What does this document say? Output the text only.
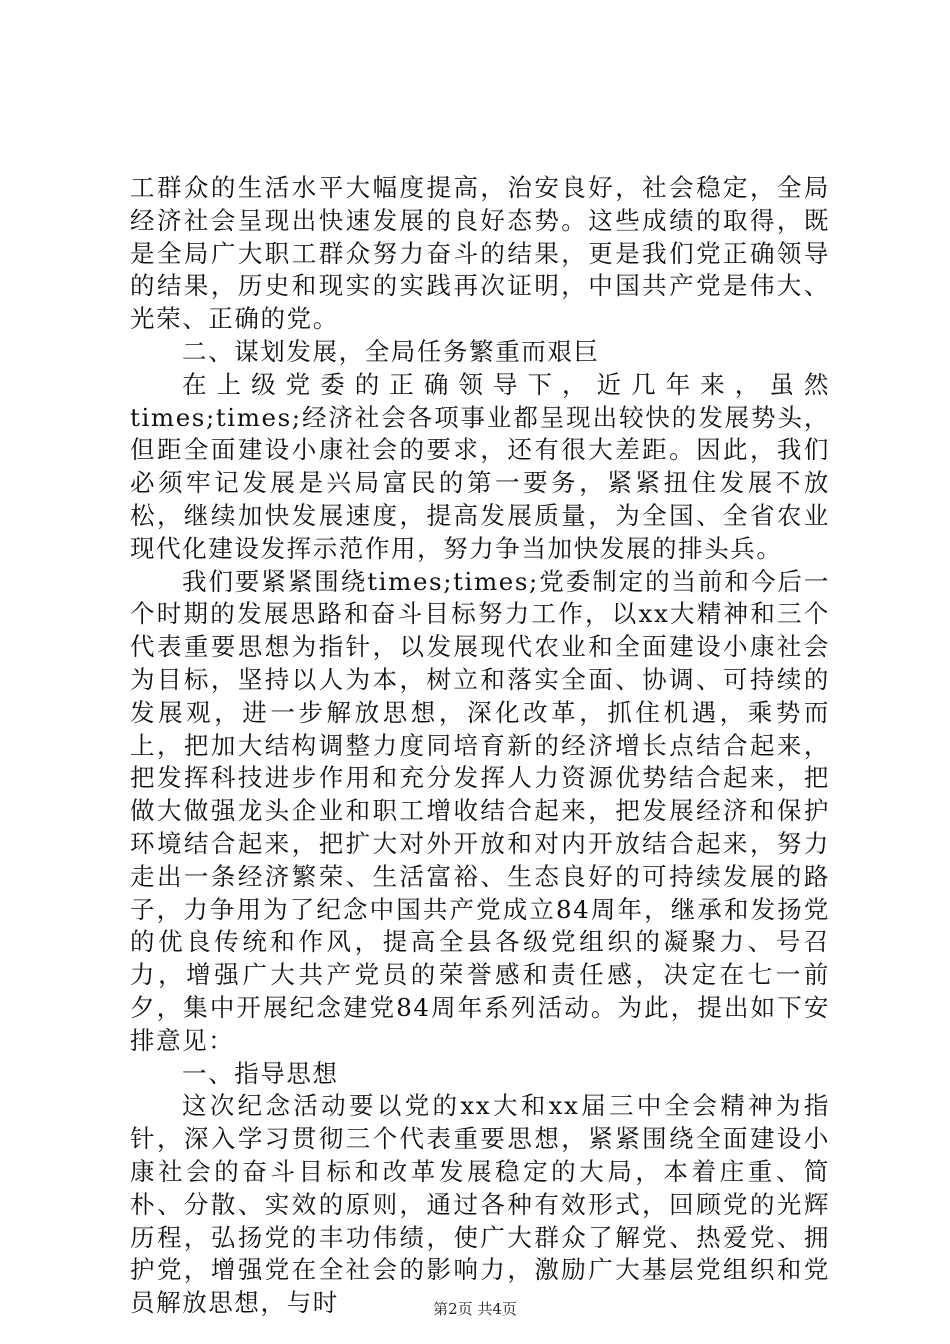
工群众的生活水平大幅度提高，治安良好，社会稳定，全局经济社会呈现出快速发展的良好态势。这些成绩的取得，既是全局广大职工群众努力奋斗的结果，更是我们党正确领导的结果，历史和现实的实践再次证明，中国共产党是伟大、光荣、正确的党。

二、谋划发展，全局任务繁重而艰巨

在上级党委的正确领导下，近几年来，虽然times;times;经济社会各项事业都呈现出较快的发展势头，但距全面建设小康社会的要求，还有很大差距。因此，我们必须牢记发展是兴局富民的第一要务，紧紧扭住发展不放松，继续加快发展速度，提高发展质量，为全国、全省农业现代化建设发挥示范作用，努力争当加快发展的排头兵。

我们要紧紧围绕times;times;党委制定的当前和今后一个时期的发展思路和奋斗目标努力工作，以xx大精神和三个代表重要思想为指针，以发展现代农业和全面建设小康社会为目标，坚持以人为本，树立和落实全面、协调、可持续的发展观，进一步解放思想，深化改革，抓住机遇，乘势而上，把加大结构调整力度同培育新的经济增长点结合起来，把发挥科技进步作用和充分发挥人力资源优势结合起来，把做大做强龙头企业和职工增收结合起来，把发展经济和保护环境结合起来，把扩大对外开放和对内开放结合起来，努力走出一条经济繁荣、生活富裕、生态良好的可持续发展的路子，力争用为了纪念中国共产党成立84周年，继承和发扬党的优良传统和作风，提高全县各级党组织的凝聚力、号召力，增强广大共产党员的荣誉感和责任感，决定在七一前夕，集中开展纪念建党84周年系列活动。为此，提出如下安排意见：

一、指导思想

这次纪念活动要以党的xx大和xx届三中全会精神为指针，深入学习贯彻三个代表重要思想，紧紧围绕全面建设小康社会的奋斗目标和改革发展稳定的大局，本着庄重、简朴、分散、实效的原则，通过各种有效形式，回顾党的光辉历程，弘扬党的丰功伟绩，使广大群众了解党、热爱党、拥护党，增强党在全社会的影响力，激励广大基层党组织和党员解放思想，与时	第2页 共4页
